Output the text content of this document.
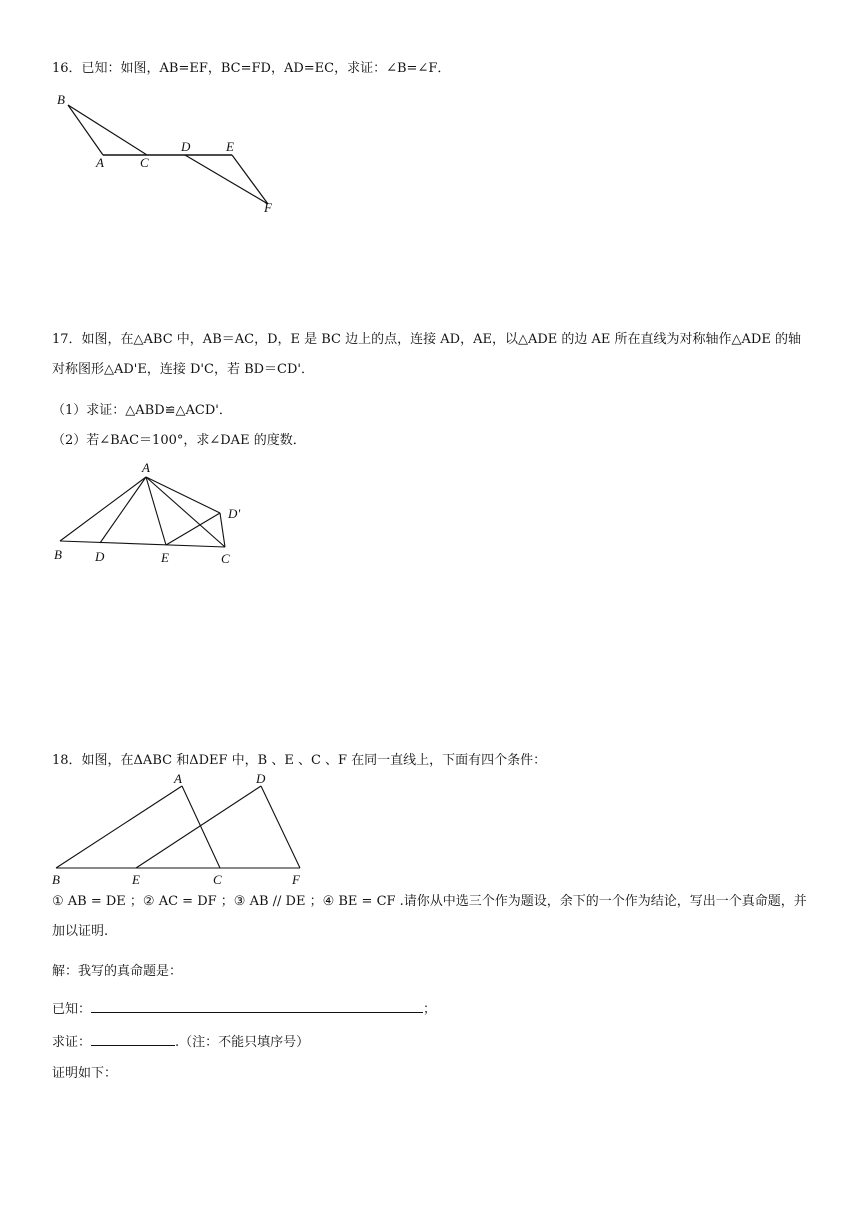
16．已知：如图，AB=EF，BC=FD，AD=EC，求证：∠B=∠F．
B
A	C
D	E
F
17．如图，在△ABC 中，AB＝AC，D，E 是 BC 边上的点，连接 AD，AE，以△ADE 的边 AE 所在直线为对称轴作△ADE 的轴对称图形△AD'E，连接 D'C，若 BD＝CD'．
（1）求证：△ABD≌△ACD'．
（2）若∠BAC＝100°，求∠DAE 的度数．
A
D'
B	D	E	C
18．如图，在ΔABC 和ΔDEF 中，B 、E 、C 、F 在同一直线上，下面有四个条件：
A	D
B	E	C	F
① AB = DE ；② AC = DF ；③ AB // DE ；④ BE = CF .请你从中选三个作为题设，余下的一个作为结论，写出一个真命题，并加以证明.
解：我写的真命题是：
已知：	；
求证：	.（注：不能只填序号）
证明如下：
